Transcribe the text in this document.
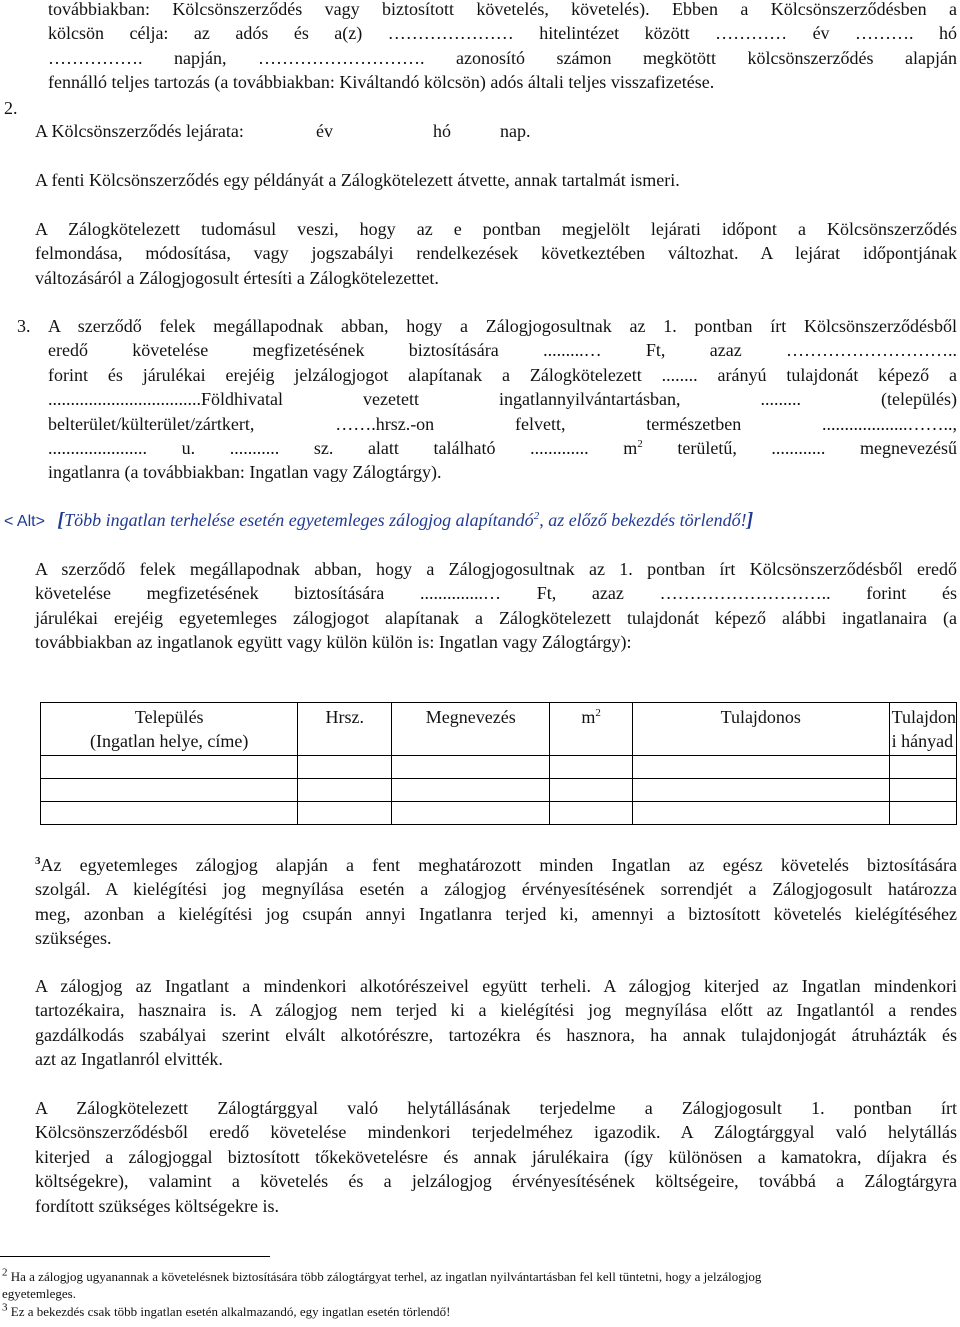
továbbiakban: Kölcsönszerződés vagy biztosított követelés, követelés). Ebben a Kölcsönszerződésben a

kölcsön célja: az adós és a(z) ………………… hitelintézet között ………… év ………. hó

……………. napján, ………………………. azonosító számon megkötött kölcsönszerződés alapján

fennálló teljes tartozás (a továbbiakban: Kiváltandó kölcsön) adós általi teljes visszafizetése.

2.
A Kölcsönszerződés lejárata:	év	hó	nap.
A fenti Kölcsönszerződés egy példányát a Zálogkötelezett átvette, annak tartalmát ismeri.

A Zálogkötelezett tudomásul veszi, hogy az e pontban megjelölt lejárati időpont a Kölcsönszerződés

felmondása, módosítása, vagy jogszabályi rendelkezések következtében változhat. A lejárat időpontjának

változásáról a Zálogjogosult értesíti a Zálogkötelezettet.

3. A szerződő felek megállapodnak abban, hogy a Zálogjogosultnak az 1. pontban írt Kölcsönszerződésből

eredő követelése megfizetésének biztosítására .........… Ft, azaz ………………………..

forint és járulékai erejéig jelzálogjogot alapítanak a Zálogkötelezett ........ arányú tulajdonát képező a

..................................Földhivatal vezetett ingatlannyilvántartásban, ......... (település)

belterület/külterület/zártkert, …….hrsz.-on felvett, természetben ...................……..,

...................... u. ........... sz. alatt található ............. $m^2$ területű, ............ megnevezésű

ingatlanra (a továbbiakban: Ingatlan vagy Zálogtárgy).

< Alt> [Több ingatlan terhelése esetén egyetemleges zálogjog alapítandó$^2$, az előző bekezdés törlendő!]

A szerződő felek megállapodnak abban, hogy a Zálogjogosultnak az 1. pontban írt Kölcsönszerződésből eredő

követelése megfizetésének biztosítására ..............… Ft, azaz ……………………….. forint és

járulékai erejéig egyetemleges zálogjogot alapítanak a Zálogkötelezett tulajdonát képező alábbi ingatlanaira (a

továbbiakban az ingatlanok együtt vagy külön külön is: Ingatlan vagy Zálogtárgy):

Település
(Ingatlan helye, címe)	Hrsz.	Megnevezés	$m^2$	Tulajdonos	Tulajdon
i hányad

$^3$Az egyetemleges zálogjog alapján a fent meghatározott minden Ingatlan az egész követelés biztosítására

szolgál. A kielégítési jog megnyílása esetén a zálogjog érvényesítésének sorrendjét a Zálogjogosult határozza

meg, azonban a kielégítési jog csupán annyi Ingatlanra terjed ki, amennyi a biztosított követelés kielégítéséhez

szükséges.

A zálogjog az Ingatlant a mindenkori alkotórészeivel együtt terheli. A zálogjog kiterjed az Ingatlan mindenkori

tartozékaira, hasznaira is. A zálogjog nem terjed ki a kielégítési jog megnyílása előtt az Ingatlantól a rendes

gazdálkodás szabályai szerint elvált alkotórészre, tartozékra és hasznora, ha annak tulajdonjogát átruházták és

azt az Ingatlanról elvitték.

A Zálogkötelezett Zálogtárggyal való helytállásának terjedelme a Zálogjogosult 1. pontban írt

Kölcsönszerződésből eredő követelése mindenkori terjedelméhez igazodik. A Zálogtárggyal való helytállás

kiterjed a zálogjoggal biztosított tőkekövetelésre és annak járulékaira (így különösen a kamatokra, díjakra és

költségekre), valamint a követelés és a jelzálogjog érvényesítésének költségeire, továbbá a Zálogtárgyra

fordított szükséges költségekre is.

$^2$ Ha a zálogjog ugyanannak a követelésnek biztosítására több zálogtárgyat terhel, az ingatlan nyilvántartásban fel kell tüntetni, hogy a jelzálogjog
egyetemleges.
$^3$ Ez a bekezdés csak több ingatlan esetén alkalmazandó, egy ingatlan esetén törlendő!
